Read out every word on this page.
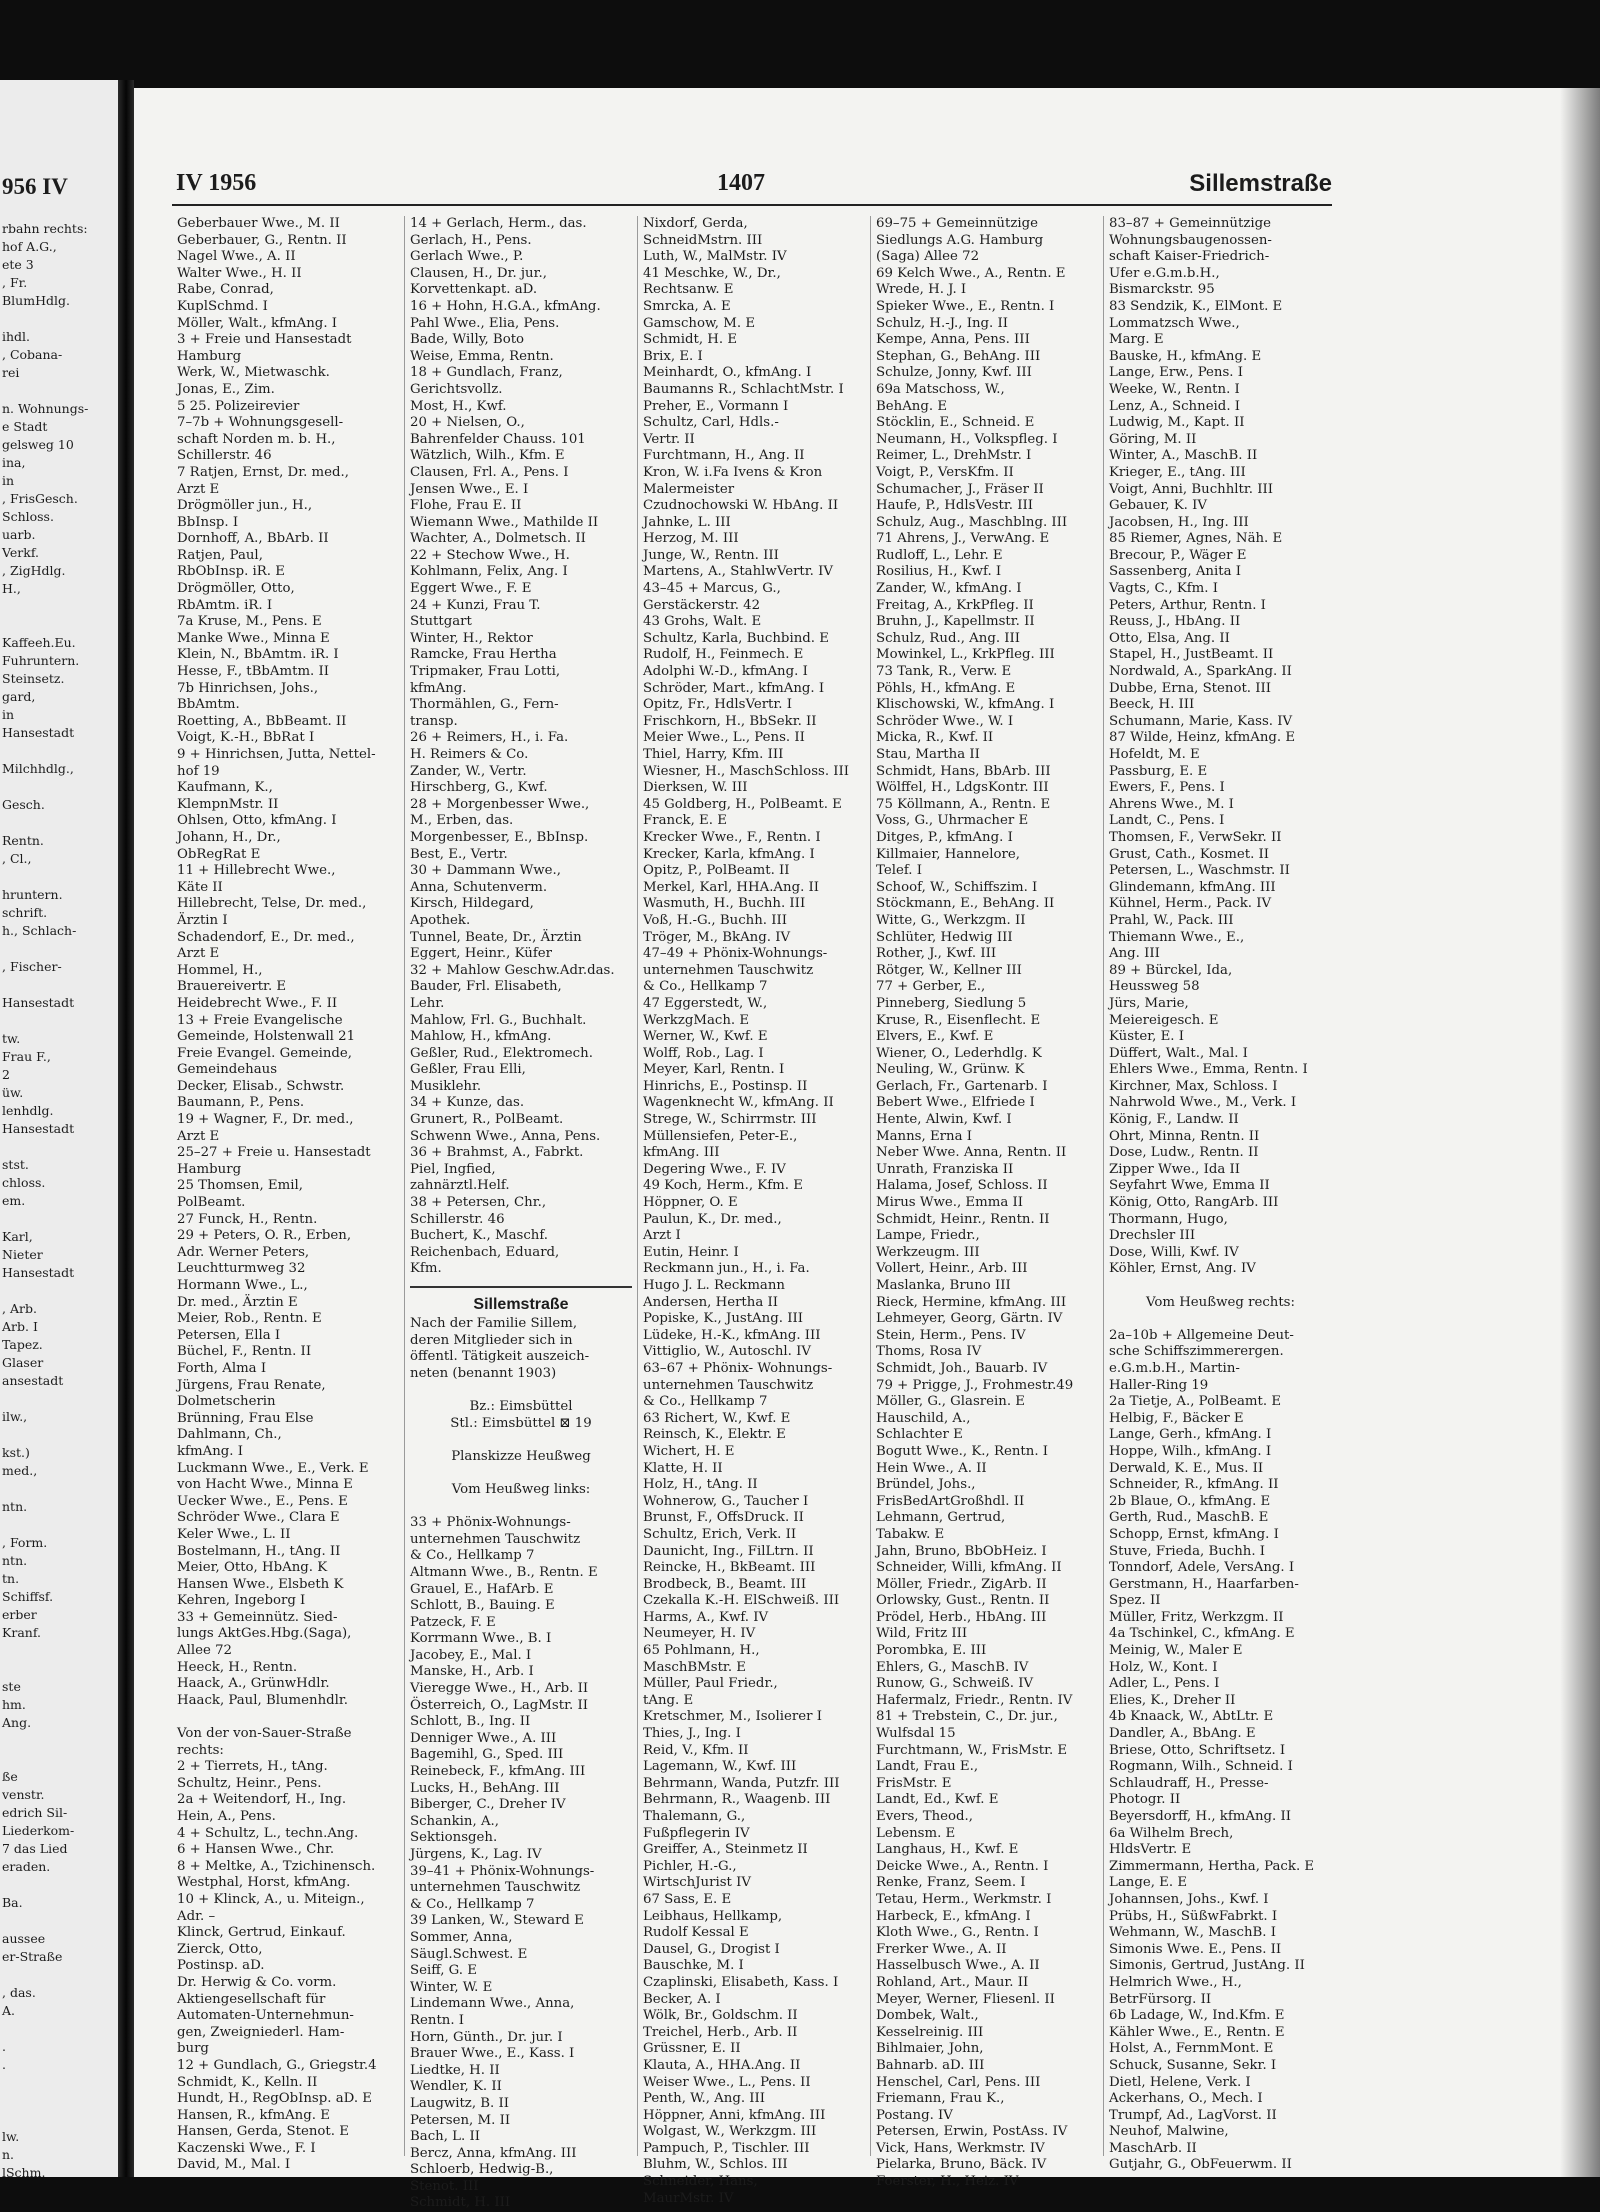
956 IV
rbahn rechts:
hof A.G.,
ete 3
, Fr.
BlumHdlg.

ihdl.
, Cobana-
rei

n. Wohnungs-
e Stadt
gelsweg 10
ina,
in
, FrisGesch.
Schloss.
uarb.
Verkf.
, ZigHdlg.
H.,

Kaffeeh.Eu.
Fuhruntern.
Steinsetz.
gard,
in
Hansestadt

Milchhdlg.,

Gesch.

Rentn.
, Cl.,

hruntern.
schrift.
h., Schlach-

, Fischer-

Hansestadt

tw.
Frau F.,
2
üw.
lenhdlg.
Hansestadt

stst.
chloss.
em.

Karl,
Nieter
Hansestadt

, Arb.
Arb. I
Tapez.
Glaser
ansestadt

ilw.,

kst.)
med.,

ntn.

, Form.
ntn.
tn.
Schiffsf.
erber
Kranf.

ste
hm.
Ang.

ße
venstr.
edrich Sil-
Liederkom-
7 das Lied
eraden.

Ba.

aussee
er-Straße

, das.
A.

.
.

lw.
n.
lSchm.
IV 1956	1407	Sillemstraße
Geberbauer Wwe., M. II
Geberbauer, G., Rentn. II
Nagel Wwe., A. II
Walter Wwe., H. II
Rabe, Conrad,
KuplSchmd. I
Möller, Walt., kfmAng. I
3 + Freie und Hansestadt
Hamburg
Werk, W., Mietwaschk.
Jonas, E., Zim.
5 25. Polizeirevier
7–7b + Wohnungsgesell-
schaft Norden m. b. H.,
Schillerstr. 46
7 Ratjen, Ernst, Dr. med.,
Arzt E
Drögmöller jun., H.,
BbInsp. I
Dornhoff, A., BbArb. II
Ratjen, Paul,
RbObInsp. iR. E
Drögmöller, Otto,
RbAmtm. iR. I
7a Kruse, M., Pens. E
Manke Wwe., Minna E
Klein, N., BbAmtm. iR. I
Hesse, F., tBbAmtm. II
7b Hinrichsen, Johs.,
BbAmtm.
Roetting, A., BbBeamt. II
Voigt, K.-H., BbRat I
9 + Hinrichsen, Jutta, Nettel-
hof 19
Kaufmann, K.,
KlempnMstr. II
Ohlsen, Otto, kfmAng. I
Johann, H., Dr.,
ObRegRat E
11 + Hillebrecht Wwe.,
Käte II
Hillebrecht, Telse, Dr. med.,
Ärztin I
Schadendorf, E., Dr. med.,
Arzt E
Hommel, H.,
Brauereivertr. E
Heidebrecht Wwe., F. II
13 + Freie Evangelische
Gemeinde, Holstenwall 21
Freie Evangel. Gemeinde,
Gemeindehaus
Decker, Elisab., Schwstr.
Baumann, P., Pens.
19 + Wagner, F., Dr. med.,
Arzt E
25–27 + Freie u. Hansestadt
Hamburg
25 Thomsen, Emil,
PolBeamt.
27 Funck, H., Rentn.
29 + Peters, O. R., Erben,
Adr. Werner Peters,
Leuchtturmweg 32
Hormann Wwe., L.,
Dr. med., Ärztin E
Meier, Rob., Rentn. E
Petersen, Ella I
Büchel, F., Rentn. II
Forth, Alma I
Jürgens, Frau Renate,
Dolmetscherin
Brünning, Frau Else
Dahlmann, Ch.,
kfmAng. I
Luckmann Wwe., E., Verk. E
von Hacht Wwe., Minna E
Uecker Wwe., E., Pens. E
Schröder Wwe., Clara E
Keler Wwe., L. II
Bostelmann, H., tAng. II
Meier, Otto, HbAng. K
Hansen Wwe., Elsbeth K
Kehren, Ingeborg I
33 + Gemeinnütz. Sied-
lungs AktGes.Hbg.(Saga),
Allee 72
Heeck, H., Rentn.
Haack, A., GrünwHdlr.
Haack, Paul, Blumenhdlr.

Von der von-Sauer-Straße
rechts:
2 + Tierrets, H., tAng.
Schultz, Heinr., Pens.
2a + Weitendorf, H., Ing.
Hein, A., Pens.
4 + Schultz, L., techn.Ang.
6 + Hansen Wwe., Chr.
8 + Meltke, A., Tzichinensch.
Westphal, Horst, kfmAng.
10 + Klinck, A., u. Miteign.,
Adr. –
Klinck, Gertrud, Einkauf.
Zierck, Otto,
Postinsp. aD.
Dr. Herwig & Co. vorm.
Aktiengesellschaft für
Automaten-Unternehmun-
gen, Zweigniederl. Ham-
burg
12 + Gundlach, G., Griegstr.4
Schmidt, K., Kelln. II
Hundt, H., RegObInsp. aD. E
Hansen, R., kfmAng. E
Hansen, Gerda, Stenot. E
Kaczenski Wwe., F. I
David, M., Mal. I
14 + Gerlach, Herm., das.
Gerlach, H., Pens.
Gerlach Wwe., P.
Clausen, H., Dr. jur.,
Korvettenkapt. aD.
16 + Hohn, H.G.A., kfmAng.
Pahl Wwe., Elia, Pens.
Bade, Willy, Boto
Weise, Emma, Rentn.
18 + Gundlach, Franz,
Gerichtsvollz.
Most, H., Kwf.
20 + Nielsen, O.,
Bahrenfelder Chauss. 101
Wätzlich, Wilh., Kfm. E
Clausen, Frl. A., Pens. I
Jensen Wwe., E. I
Flohe, Frau E. II
Wiemann Wwe., Mathilde II
Wachter, A., Dolmetsch. II
22 + Stechow Wwe., H.
Kohlmann, Felix, Ang. I
Eggert Wwe., F. E
24 + Kunzi, Frau T.
Stuttgart
Winter, H., Rektor
Ramcke, Frau Hertha
Tripmaker, Frau Lotti,
kfmAng.
Thormählen, G., Fern-
transp.
26 + Reimers, H., i. Fa.
H. Reimers & Co.
Zander, W., Vertr.
Hirschberg, G., Kwf.
28 + Morgenbesser Wwe.,
M., Erben, das.
Morgenbesser, E., BbInsp.
Best, E., Vertr.
30 + Dammann Wwe.,
Anna, Schutenverm.
Kirsch, Hildegard,
Apothek.
Tunnel, Beate, Dr., Ärztin
Eggert, Heinr., Küfer
32 + Mahlow Geschw.Adr.das.
Bauder, Frl. Elisabeth,
Lehr.
Mahlow, Frl. G., Buchhalt.
Mahlow, H., kfmAng.
Geßler, Rud., Elektromech.
Geßler, Frau Elli,
Musiklehr.
34 + Kunze, das.
Grunert, R., PolBeamt.
Schwenn Wwe., Anna, Pens.
36 + Brahmst, A., Fabrkt.
Piel, Ingfied,
zahnärztl.Helf.
38 + Petersen, Chr.,
Schillerstr. 46
Buchert, K., Maschf.
Reichenbach, Eduard,
Kfm.
Sillemstraße
Nach der Familie Sillem,
deren Mitglieder sich in
öffentl. Tätigkeit auszeich-
neten (benannt 1903)

Bz.: Eimsbüttel
Stl.: Eimsbüttel ⊠ 19

Planskizze Heußweg

Vom Heußweg links:

33 + Phönix-Wohnungs-
unternehmen Tauschwitz
& Co., Hellkamp 7
Altmann Wwe., B., Rentn. E
Grauel, E., HafArb. E
Schlott, B., Bauing. E
Patzeck, F. E
Korrmann Wwe., B. I
Jacobey, E., Mal. I
Manske, H., Arb. I
Vieregge Wwe., H., Arb. II
Österreich, O., LagMstr. II
Schlott, B., Ing. II
Denniger Wwe., A. III
Bagemihl, G., Sped. III
Reinebeck, F., kfmAng. III
Lucks, H., BehAng. III
Biberger, C., Dreher IV
Schankin, A.,
Sektionsgeh.
Jürgens, K., Lag. IV
39–41 + Phönix-Wohnungs-
unternehmen Tauschwitz
& Co., Hellkamp 7
39 Lanken, W., Steward E
Sommer, Anna,
Säugl.Schwest. E
Seiff, G. E
Winter, W. E
Lindemann Wwe., Anna,
Rentn. I
Horn, Günth., Dr. jur. I
Brauer Wwe., E., Kass. I
Liedtke, H. II
Wendler, K. II
Laugwitz, B. II
Petersen, M. II
Bach, L. II
Bercz, Anna, kfmAng. III
Schloerb, Hedwig-B.,
Stenot. III
Schmidt, H. III
Nixdorf, Gerda,
SchneidMstrn. III
Luth, W., MalMstr. IV
41 Meschke, W., Dr.,
Rechtsanw. E
Smrcka, A. E
Gamschow, M. E
Schmidt, H. E
Brix, E. I
Meinhardt, O., kfmAng. I
Baumanns R., SchlachtMstr. I
Preher, E., Vormann I
Schultz, Carl, Hdls.-
Vertr. II
Furchtmann, H., Ang. II
Kron, W. i.Fa Ivens & Kron
Malermeister
Czudnochowski W. HbAng. II
Jahnke, L. III
Herzog, M. III
Junge, W., Rentn. III
Martens, A., StahlwVertr. IV
43–45 + Marcus, G.,
Gerstäckerstr. 42
43 Grohs, Walt. E
Schultz, Karla, Buchbind. E
Rudolf, H., Feinmech. E
Adolphi W.-D., kfmAng. I
Schröder, Mart., kfmAng. I
Opitz, Fr., HdlsVertr. I
Frischkorn, H., BbSekr. II
Meier Wwe., L., Pens. II
Thiel, Harry, Kfm. III
Wiesner, H., MaschSchloss. III
Dierksen, W. III
45 Goldberg, H., PolBeamt. E
Franck, E. E
Krecker Wwe., F., Rentn. I
Krecker, Karla, kfmAng. I
Opitz, P., PolBeamt. II
Merkel, Karl, HHA.Ang. II
Wasmuth, H., Buchh. III
Voß, H.-G., Buchh. III
Tröger, M., BkAng. IV
47–49 + Phönix-Wohnungs-
unternehmen Tauschwitz
& Co., Hellkamp 7
47 Eggerstedt, W.,
WerkzgMach. E
Werner, W., Kwf. E
Wolff, Rob., Lag. I
Meyer, Karl, Rentn. I
Hinrichs, E., Postinsp. II
Wagenknecht W., kfmAng. II
Strege, W., Schirrmstr. III
Müllensiefen, Peter-E.,
kfmAng. III
Degering Wwe., F. IV
49 Koch, Herm., Kfm. E
Höppner, O. E
Paulun, K., Dr. med.,
Arzt I
Eutin, Heinr. I
Reckmann jun., H., i. Fa.
Hugo J. L. Reckmann
Andersen, Hertha II
Popiske, K., JustAng. III
Lüdeke, H.-K., kfmAng. III
Vittiglio, W., Autoschl. IV
63–67 + Phönix- Wohnungs-
unternehmen Tauschwitz
& Co., Hellkamp 7
63 Richert, W., Kwf. E
Reinsch, K., Elektr. E
Wichert, H. E
Klatte, H. II
Holz, H., tAng. II
Wohnerow, G., Taucher I
Brunst, F., OffsDruck. II
Schultz, Erich, Verk. II
Daunicht, Ing., FilLtrn. II
Reincke, H., BkBeamt. III
Brodbeck, B., Beamt. III
Czekalla K.-H. ElSchweiß. III
Harms, A., Kwf. IV
Neumeyer, H. IV
65 Pohlmann, H.,
MaschBMstr. E
Müller, Paul Friedr.,
tAng. E
Kretschmer, M., Isolierer I
Thies, J., Ing. I
Reid, V., Kfm. II
Lagemann, W., Kwf. III
Behrmann, Wanda, Putzfr. III
Behrmann, R., Waagenb. III
Thalemann, G.,
Fußpflegerin IV
Greiffer, A., Steinmetz II
Pichler, H.-G.,
WirtschJurist IV
67 Sass, E. E
Leibhaus, Hellkamp,
Rudolf Kessal E
Dausel, G., Drogist I
Bauschke, M. I
Czaplinski, Elisabeth, Kass. I
Becker, A. I
Wölk, Br., Goldschm. II
Treichel, Herb., Arb. II
Grüssner, E. II
Klauta, A., HHA.Ang. II
Weiser Wwe., L., Pens. II
Penth, W., Ang. III
Höppner, Anni, kfmAng. III
Wolgast, W., Werkzgm. III
Pampuch, P., Tischler. III
Bluhm, W., Schlos. III
Schneider, Hans,
MaurMstr. IV
69–75 + Gemeinnützige
Siedlungs A.G. Hamburg
(Saga) Allee 72
69 Kelch Wwe., A., Rentn. E
Wrede, H. J. I
Spieker Wwe., E., Rentn. I
Schulz, H.-J., Ing. II
Kempe, Anna, Pens. III
Stephan, G., BehAng. III
Schulze, Jonny, Kwf. III
69a Matschoss, W.,
BehAng. E
Stöcklin, E., Schneid. E
Neumann, H., Volkspfleg. I
Reimer, L., DrehMstr. I
Voigt, P., VersKfm. II
Schumacher, J., Fräser II
Haufe, P., HdlsVestr. III
Schulz, Aug., Maschblng. III
71 Ahrens, J., VerwAng. E
Rudloff, L., Lehr. E
Rosilius, H., Kwf. I
Zander, W., kfmAng. I
Freitag, A., KrkPfleg. II
Bruhn, J., Kapellmstr. II
Schulz, Rud., Ang. III
Mowinkel, L., KrkPfleg. III
73 Tank, R., Verw. E
Pöhls, H., kfmAng. E
Klischowski, W., kfmAng. I
Schröder Wwe., W. I
Micka, R., Kwf. II
Stau, Martha II
Schmidt, Hans, BbArb. III
Wölffel, H., LdgsKontr. III
75 Köllmann, A., Rentn. E
Voss, G., Uhrmacher E
Ditges, P., kfmAng. I
Killmaier, Hannelore,
Telef. I
Schoof, W., Schiffszim. I
Stöckmann, E., BehAng. II
Witte, G., Werkzgm. II
Schlüter, Hedwig III
Rother, J., Kwf. III
Rötger, W., Kellner III
77 + Gerber, E.,
Pinneberg, Siedlung 5
Kruse, R., Eisenflecht. E
Elvers, E., Kwf. E
Wiener, O., Lederhdlg. K
Neuling, W., Grünw. K
Gerlach, Fr., Gartenarb. I
Bebert Wwe., Elfriede I
Hente, Alwin, Kwf. I
Manns, Erna I
Neber Wwe. Anna, Rentn. II
Unrath, Franziska II
Halama, Josef, Schloss. II
Mirus Wwe., Emma II
Schmidt, Heinr., Rentn. II
Lampe, Friedr.,
Werkzeugm. III
Vollert, Heinr., Arb. III
Maslanka, Bruno III
Rieck, Hermine, kfmAng. III
Lehmeyer, Georg, Gärtn. IV
Stein, Herm., Pens. IV
Thoms, Rosa IV
Schmidt, Joh., Bauarb. IV
79 + Prigge, J., Frohmestr.49
Möller, G., Glasrein. E
Hauschild, A.,
Schlachter E
Bogutt Wwe., K., Rentn. I
Hein Wwe., A. II
Bründel, Johs.,
FrisBedArtGroßhdl. II
Lehmann, Gertrud,
Tabakw. E
Jahn, Bruno, BbObHeiz. I
Schneider, Willi, kfmAng. II
Möller, Friedr., ZigArb. II
Orlowsky, Gust., Rentn. II
Prödel, Herb., HbAng. III
Wild, Fritz III
Porombka, E. III
Ehlers, G., MaschB. IV
Runow, G., Schweiß. IV
Hafermalz, Friedr., Rentn. IV
81 + Trebstein, C., Dr. jur.,
Wulfsdal 15
Furchtmann, W., FrisMstr. E
Landt, Frau E.,
FrisMstr. E
Landt, Ed., Kwf. E
Evers, Theod.,
Lebensm. E
Langhaus, H., Kwf. E
Deicke Wwe., A., Rentn. I
Renke, Franz, Seem. I
Tetau, Herm., Werkmstr. I
Harbeck, E., kfmAng. I
Kloth Wwe., G., Rentn. I
Frerker Wwe., A. II
Hasselbusch Wwe., A. II
Rohland, Art., Maur. II
Meyer, Werner, Fliesenl. II
Dombek, Walt.,
Kesselreinig. III
Bihlmaier, John,
Bahnarb. aD. III
Henschel, Carl, Pens. III
Friemann, Frau K.,
Postang. IV
Petersen, Erwin, PostAss. IV
Vick, Hans, Werkmstr. IV
Pielarka, Bruno, Bäck. IV
Foerster, H., Heiz. IV
83–87 + Gemeinnützige
Wohnungsbaugenossen-
schaft Kaiser-Friedrich-
Ufer e.G.m.b.H.,
Bismarckstr. 95
83 Sendzik, K., ElMont. E
Lommatzsch Wwe.,
Marg. E
Bauske, H., kfmAng. E
Lange, Erw., Pens. I
Weeke, W., Rentn. I
Lenz, A., Schneid. I
Ludwig, M., Kapt. II
Göring, M. II
Winter, A., MaschB. II
Krieger, E., tAng. III
Voigt, Anni, Buchhltr. III
Gebauer, K. IV
Jacobsen, H., Ing. III
85 Riemer, Agnes, Näh. E
Brecour, P., Wäger E
Sassenberg, Anita I
Vagts, C., Kfm. I
Peters, Arthur, Rentn. I
Reuss, J., HbAng. II
Otto, Elsa, Ang. II
Stapel, H., JustBeamt. II
Nordwald, A., SparkAng. II
Dubbe, Erna, Stenot. III
Beeck, H. III
Schumann, Marie, Kass. IV
87 Wilde, Heinz, kfmAng. E
Hofeldt, M. E
Passburg, E. E
Ewers, F., Pens. I
Ahrens Wwe., M. I
Landt, C., Pens. I
Thomsen, F., VerwSekr. II
Grust, Cath., Kosmet. II
Petersen, L., Waschmstr. II
Glindemann, kfmAng. III
Kühnel, Herm., Pack. IV
Prahl, W., Pack. III
Thiemann Wwe., E.,
Ang. III
89 + Bürckel, Ida,
Heussweg 58
Jürs, Marie,
Meiereigesch. E
Küster, E. I
Düffert, Walt., Mal. I
Ehlers Wwe., Emma, Rentn. I
Kirchner, Max, Schloss. I
Nahrwold Wwe., M., Verk. I
König, F., Landw. II
Ohrt, Minna, Rentn. II
Dose, Ludw., Rentn. II
Zipper Wwe., Ida II
Seyfahrt Wwe, Emma II
König, Otto, RangArb. III
Thormann, Hugo,
Drechsler III
Dose, Willi, Kwf. IV
Köhler, Ernst, Ang. IV

Vom Heußweg rechts:

2a–10b + Allgemeine Deut-
sche Schiffszimmerergen.
e.G.m.b.H., Martin-
Haller-Ring 19
2a Tietje, A., PolBeamt. E
Helbig, F., Bäcker E
Lange, Gerh., kfmAng. I
Hoppe, Wilh., kfmAng. I
Derwald, K. E., Mus. II
Schneider, R., kfmAng. II
2b Blaue, O., kfmAng. E
Gerth, Rud., MaschB. E
Schopp, Ernst, kfmAng. I
Stuve, Frieda, Buchh. I
Tonndorf, Adele, VersAng. I
Gerstmann, H., Haarfarben-
Spez. II
Müller, Fritz, Werkzgm. II
4a Tschinkel, C., kfmAng. E
Meinig, W., Maler E
Holz, W., Kont. I
Adler, L., Pens. I
Elies, K., Dreher II
4b Knaack, W., AbtLtr. E
Dandler, A., BbAng. E
Briese, Otto, Schriftsetz. I
Rogmann, Wilh., Schneid. I
Schlaudraff, H., Presse-
Photogr. II
Beyersdorff, H., kfmAng. II
6a Wilhelm Brech,
HldsVertr. E
Zimmermann, Hertha, Pack. E
Lange, E. E
Johannsen, Johs., Kwf. I
Prübs, H., SüßwFabrkt. I
Wehmann, W., MaschB. I
Simonis Wwe. E., Pens. II
Simonis, Gertrud, JustAng. II
Helmrich Wwe., H.,
BetrFürsorg. II
6b Ladage, W., Ind.Kfm. E
Kähler Wwe., E., Rentn. E
Holst, A., FernmMont. E
Schuck, Susanne, Sekr. I
Dietl, Helene, Verk. I
Ackerhans, O., Mech. I
Trumpf, Ad., LagVorst. II
Neuhof, Malwine,
MaschArb. II
Gutjahr, G., ObFeuerwm. II
